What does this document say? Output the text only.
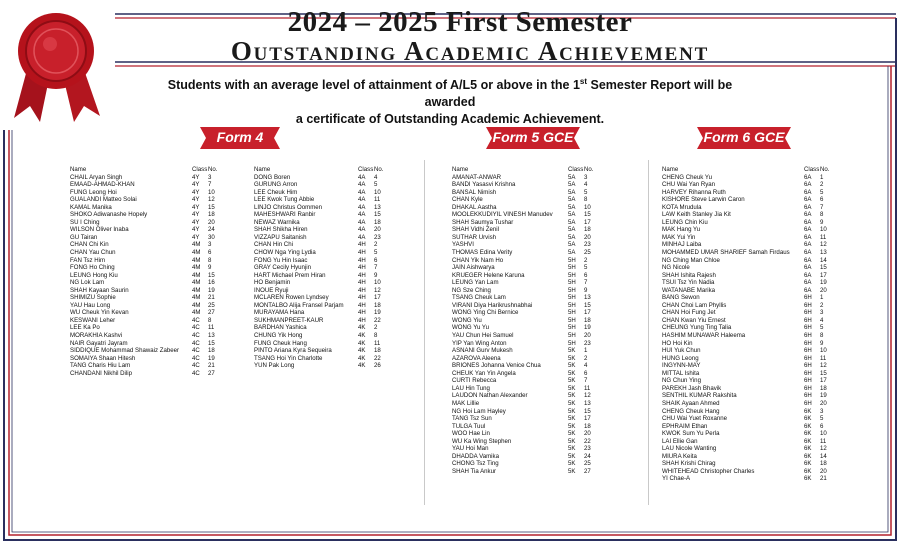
2024 – 2025 First Semester
Outstanding Academic Achievement
Students with an average level of attainment of A/L5 or above in the 1st Semester Report will be awarded
a certificate of Outstanding Academic Achievement.
Form 4	Form 5 GCE	Form 6 GCE
Name	Class No.
CHAIL Aryan Singh	4Y	3
EMAAD-AHMAD-KHAN	4Y	7
FUNG Leong Hoi	4Y	10
GUALANDI Matteo Solai	4Y	12
KAMAL Manika	4Y	15
SHOKO Adiwanashe Hopely	4Y	18
SU I Ching	4Y	20
WILSON Oliver Inaba	4Y	24
GU Tairan	4Y	30
CHAN Chi Kin	4M	3
CHAN Yau Chun	4M	6
FAN Tsz Him	4M	8
FONG Ho Ching	4M	9
LEUNG Hong Kiu	4M	15
NG Lok Lam	4M	16
SHAH Kayaan Saurin	4M	19
SHIMIZU Sophie	4M	21
YAU Hau Long	4M	25
WU Cheuk Yin Kevan	4M	27
KESWANI Leher	4C	8
LEE Ka Po	4C	11
MORAKHIA Kashvi	4C	13
NAIR Gayatri Jayram	4C	15
SIDDIQUE Mohammad Shawaiz Zabeer	4C	18
SOMAIYA Shaan Hitesh	4C	19
TANG Charis Hiu Lam	4C	21
CHANDANI Nikhil Dilip	4C	27
Name	Class No.
DONG Boren	4A	4
GURUNG Arron	4A	5
LEE Cheuk Him	4A	10
LEE Kwok Tung Abbie	4A	11
LINJO Christus Oommen	4A	13
MAHESHWARI Ranbir	4A	15
NEWAZ Warnika	4A	18
SHAH Shikha Hiren	4A	20
VIZZAPU Saitanish	4A	23
CHAN Hin Chi	4H	2
CHOW Nga Ying Lydia	4H	5
FONG Yu Hin Isaac	4H	6
GRAY Cecily Hyunjin	4H	7
HART Michael Prem Hiran	4H	9
HO Benjamin	4H	10
INOUE Ryuji	4H	12
MCLAREN Rowen Lyndsey	4H	17
MONTALBO Alija Fransel Parjam	4H	18
MURAYAMA Hana	4H	19
SUKHMANPREET-KAUR	4H	22
BARDHAN Yashica	4K	2
CHUNG Yik Hong	4K	8
FUNG Cheuk Hang	4K	11
PINTO Ariana Kyra Sequeira	4K	18
TSANG Hoi Yin Charlotte	4K	22
YUN Pak Long	4K	26
Name	Class No.
AMANAT-ANWAR	5A	3
BANDI Yasasvi Krishna	5A	4
BANSAL Nimish	5A	5
CHAN Kyle	5A	8
DHAKAL Aastha	5A	10
MOOLEKKUDIYIL VINESH Manudev	5A	15
SHAH Saumya Tushar	5A	17
SHAH Vidhi Zenil	5A	18
SUTHAR Urvish	5A	20
YASHVI	5A	23
THOMAS Edina Verity	5A	25
CHAN Yik Nam Ho	5H	2
JAIN Aishwarya	5H	5
KRUEGER Helene Karuna	5H	6
LEUNG Yan Lam	5H	7
NG Sze Ching	5H	9
TSANG Cheuk Lam	5H	13
VIRANI Diya Harikrushnabhai	5H	15
WONG Ying Chi Bernice	5H	17
WONG Yiu	5H	18
WONG Yu Yu	5H	19
YAU Chun Hei Samuel	5H	20
YIP Yan Wing Anton	5H	23
ASNANI Gurv Mukesh	5K	1
AZAROVA Aleena	5K	2
BRIONES Johanna Venice Chua	5K	4
CHEUK Yan Yin Angela	5K	6
CURTI Rebecca	5K	7
LAU Hin Tung	5K	11
LAUDON Nathan Alexander	5K	12
MAK Lillie	5K	13
NG Hoi Lam Hayley	5K	15
TANG Tsz Sun	5K	17
TULGA Tuul	5K	18
WOO Hae Lin	5K	20
WU Ka Wing Stephen	5K	22
YAU Hoi Man	5K	23
DHADDA Vamika	5K	24
CHONG Tsz Ting	5K	25
SHAH Tia Ankur	5K	27
Name	Class No.
CHENG Cheuk Yu	6A	1
CHU Wai Yan Ryan	6A	2
HARVEY Rihanna Ruth	6A	5
KISHORE Steve Larwin Caron	6A	6
KOTA Mrudula	6A	7
LAW Keith Stanley Jia Kit	6A	8
LEUNG Chin Kiu	6A	9
MAK Hang Yu	6A	10
MAK Yui Yin	6A	11
MINHAJ Laiba	6A	12
MOHAMMED UMAR SHARIEF Samah Firdaus	6A	13
NG Ching Man Chloe	6A	14
NG Nicole	6A	15
SHAH Ishita Rajesh	6A	17
TSUI Tsz Yin Nadia	6A	19
WATANABE Marika	6A	20
BANG Sewon	6H	1
CHAN Choi Lam Phyllis	6H	2
CHAN Hoi Fung Jet	6H	3
CHAN Kwan Yiu Ernest	6H	4
CHEUNG Yung Ting Talia	6H	5
HASHIM MUNAWAR Haleema	6H	8
HO Hoi Kin	6H	9
HUI Yuk Chun	6H	10
HUNG Leong	6H	11
INGYNN-MAY	6H	12
MITTAL Ishita	6H	15
NG Chun Ying	6H	17
PAREKH Jash Bhavik	6H	18
SENTHIL KUMAR Rakshita	6H	19
SHAIK Ayaan Ahmed	6H	20
CHENG Cheuk Hang	6K	3
CHU Wai Yuet Roxanne	6K	5
EPHRAIM Ethan	6K	6
KWOK Sum Yu Perla	6K	10
LAI Ellie Gan	6K	11
LAU Nicole Wanting	6K	12
MIURA Keita	6K	14
SHAH Krishi Chirag	6K	18
WHITEHEAD Christopher Charles	6K	20
YI Chae-A	6K	21
